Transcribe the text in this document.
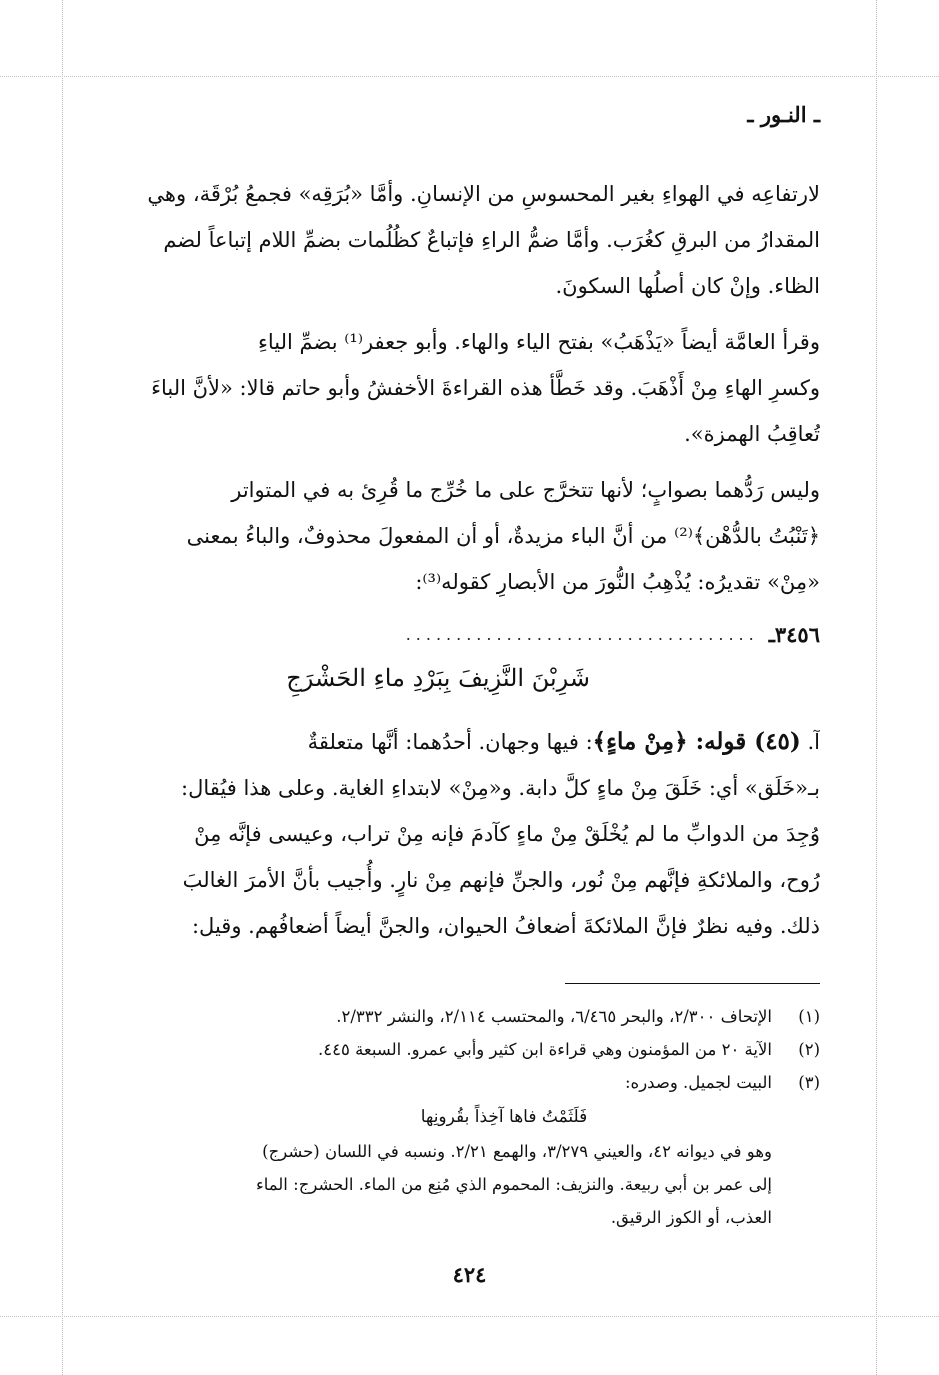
ـ النـور ـ
لارتفاعِه في الهواءِ بغير المحسوسِ من الإنسانِ. وأمَّا «بُرَقِه» فجمعُ بُرْقَة، وهي
المقدارُ من البرقِ كغُرَب. وأمَّا ضمُّ الراءِ فإتباعٌ كظُلُمات بضمِّ اللام إتباعاً لضم
الظاء. وإنْ كان أصلُها السكونَ.
وقرأ العامَّة أيضاً «يَذْهَبُ» بفتح الياء والهاء. وأبو جعفر⁽¹⁾ بضمِّ الياءِ
وكسرِ الهاءِ مِنْ أَذْهَبَ. وقد خَطَّأ هذه القراءةَ الأخفشُ وأبو حاتم قالا: «لأنَّ الباءَ
تُعاقِبُ الهمزة».
وليس رَدُّهما بصوابٍ؛ لأنها تتخرَّج على ما خُرِّج ما قُرِئ به في المتواتر
﴿تَنْبُتُ بالدُّهْن﴾⁽²⁾ من أنَّ الباء مزيدةٌ، أو أن المفعولَ محذوفٌ، والباءُ بمعنى
«مِنْ» تقديرُه: يُذْهِبُ النُّورَ من الأبصارِ كقوله⁽³⁾:
٣٤٥٦ـ
...................................
شَرِبْنَ النَّزِيفَ بِبَرْدِ ماءِ الحَشْرَجِ
آ. (٤٥) قوله: ﴿مِنْ ماءٍ﴾: فيها وجهان. أحدُهما: أنَّها متعلقةٌ
بـ«خَلَق» أي: خَلَقَ مِنْ ماءٍ كلَّ دابة. و«مِنْ» لابتداءِ الغاية. وعلى هذا فيُقال:
وُجِدَ من الدوابِّ ما لم يُخْلَقْ مِنْ ماءٍ كآدمَ فإنه مِنْ تراب، وعيسى فإنَّه مِنْ
رُوح، والملائكةِ فإنَّهم مِنْ نُور، والجنِّ فإنهم مِنْ نارٍ. وأُجيب بأنَّ الأمرَ الغالبَ
ذلك. وفيه نظرٌ فإنَّ الملائكةَ أضعافُ الحيوان، والجنَّ أيضاً أضعافُهم. وقيل:
(١)
الإتحاف ٢/٣٠٠، والبحر ٦/٤٦٥، والمحتسب ٢/١١٤، والنشر ٢/٣٣٢.
(٢)
الآية ٢٠ من المؤمنون وهي قراءة ابن كثير وأبي عمرو. السبعة ٤٤٥.
(٣)
البيت لجميل. وصدره:
فَلَثَمْتُ فاها آخِذاً بقُرونِها
وهو في ديوانه ٤٢، والعيني ٣/٢٧٩، والهمع ٢/٢١. ونسبه في اللسان (حشرج)
إلى عمر بن أبي ربيعة. والنزيف: المحموم الذي مُنِع من الماء. الحشرج: الماء
العذب، أو الكوز الرقيق.
٤٢٤
